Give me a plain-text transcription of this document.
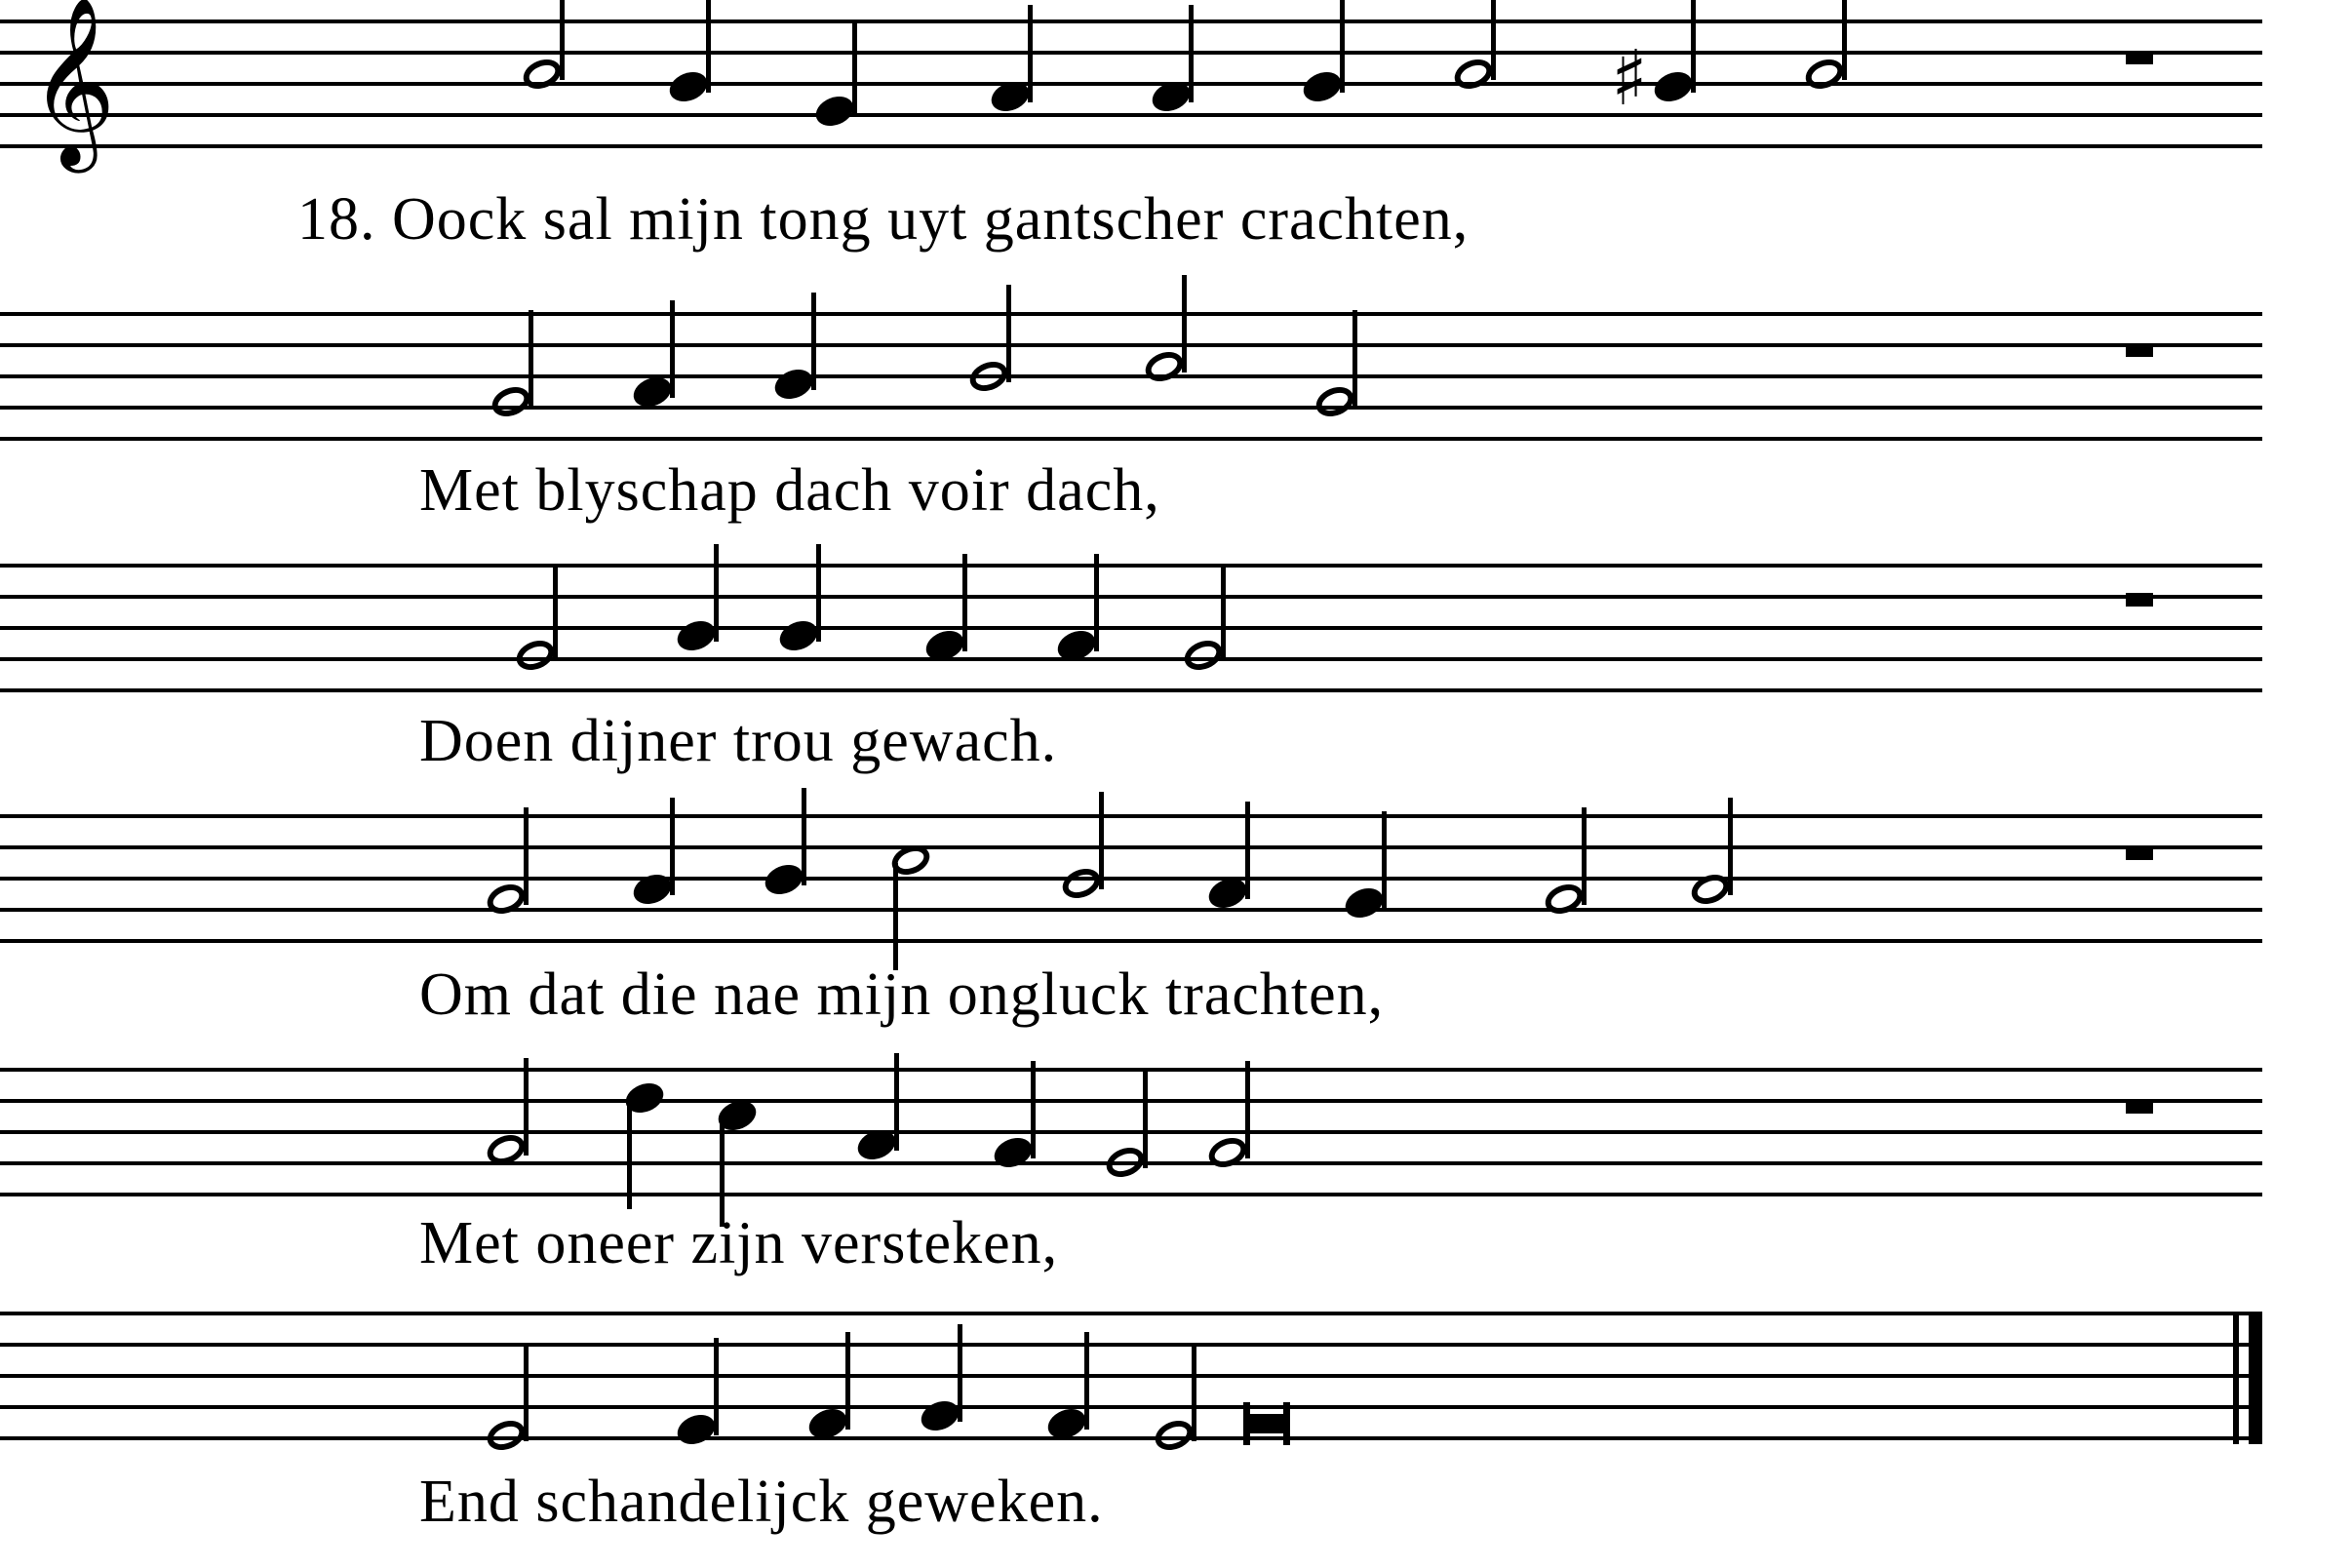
𝄞	♯
18. Oock sal mijn tong uyt gantscher crachten,
Met blyschap dach voir dach,
Doen dijner trou gewach.
Om dat die nae mijn ongluck trachten,
Met oneer zijn versteken,
End schandelijck geweken.
